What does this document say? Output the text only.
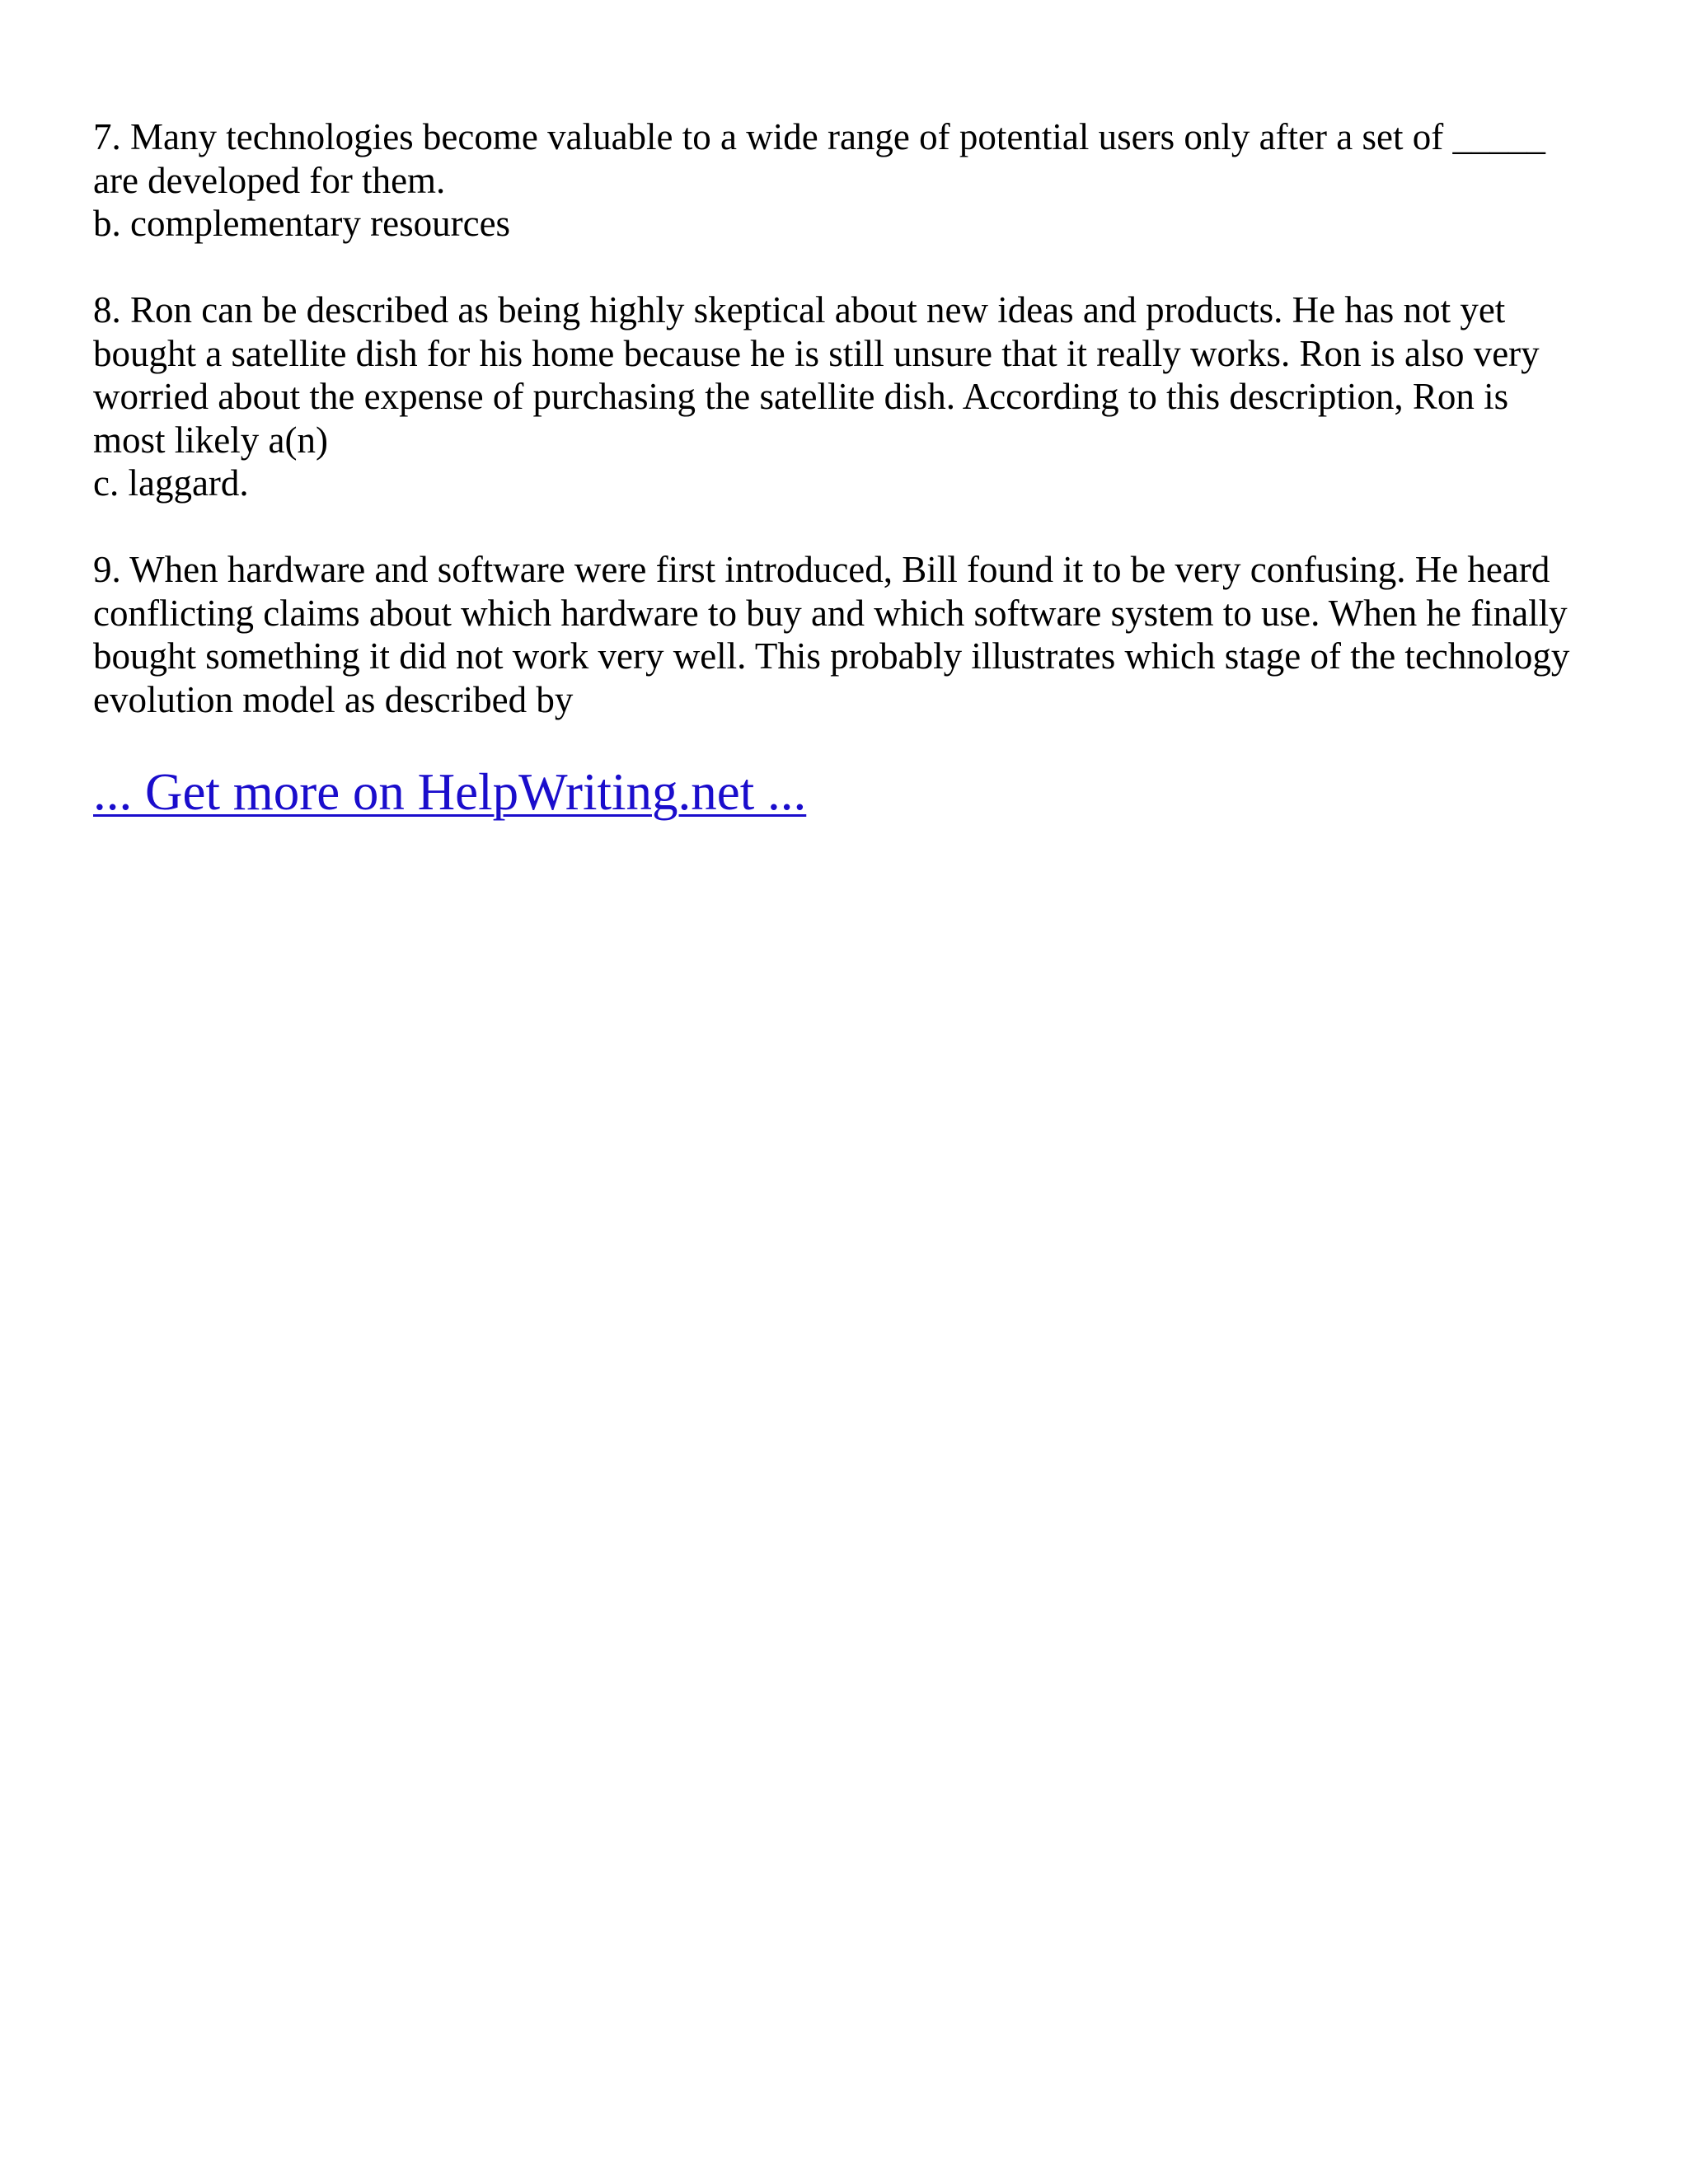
7. Many technologies become valuable to a wide range of potential users only after a set of _____
are developed for them.
b. complementary resources
8. Ron can be described as being highly skeptical about new ideas and products. He has not yet
bought a satellite dish for his home because he is still unsure that it really works. Ron is also very
worried about the expense of purchasing the satellite dish. According to this description, Ron is
most likely a(n)
c. laggard.
9. When hardware and software were first introduced, Bill found it to be very confusing. He heard
conflicting claims about which hardware to buy and which software system to use. When he finally
bought something it did not work very well. This probably illustrates which stage of the technology
evolution model as described by
... Get more on HelpWriting.net ...
